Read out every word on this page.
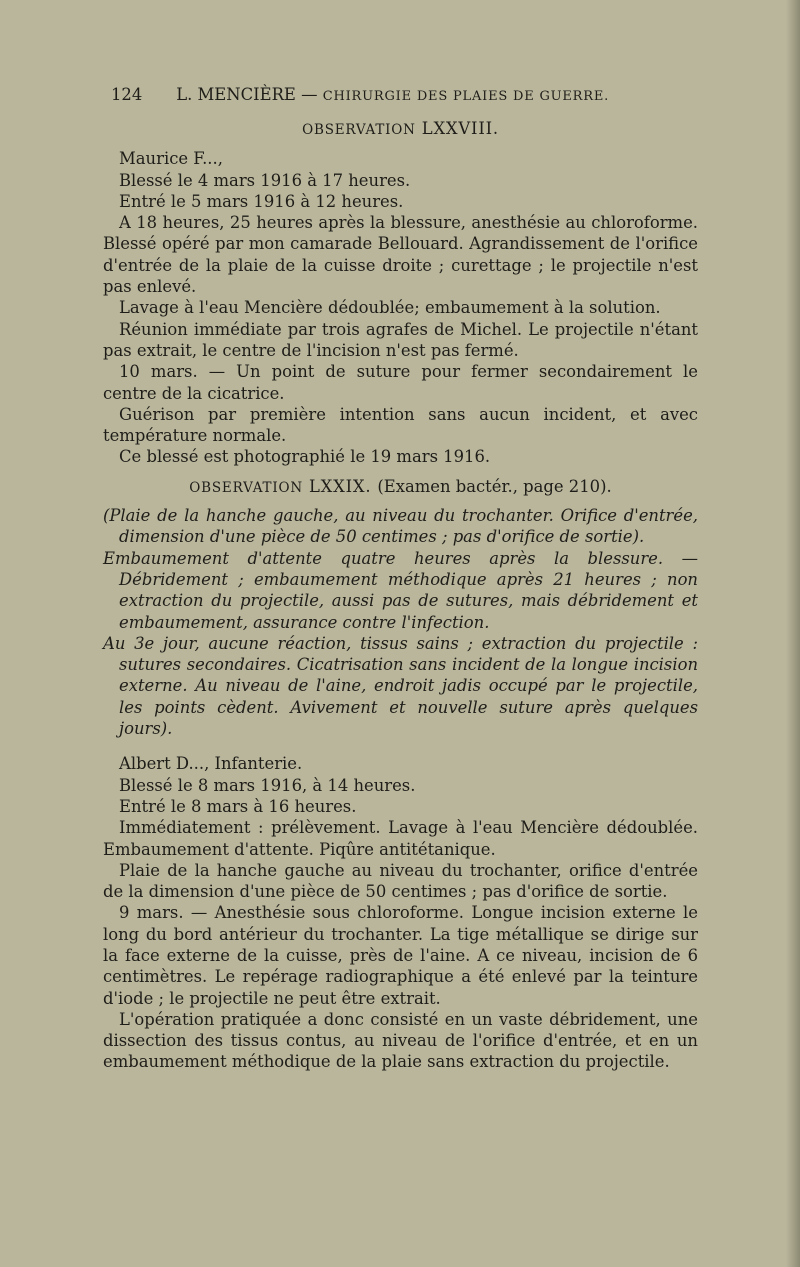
124 L. MENCIÈRE — CHIRURGIE DES PLAIES DE GUERRE.
OBSERVATION LXXVIII.

Maurice F...,

Blessé le 4 mars 1916 à 17 heures.

Entré le 5 mars 1916 à 12 heures.

A 18 heures, 25 heures après la blessure, anesthésie au chloroforme. Blessé opéré par mon camarade Bellouard. Agrandissement de l'orifice d'entrée de la plaie de la cuisse droite ; curettage ; le projectile n'est pas enlevé.

Lavage à l'eau Mencière dédoublée; embaumement à la solution.

Réunion immédiate par trois agrafes de Michel. Le projectile n'étant pas extrait, le centre de l'incision n'est pas fermé.

10 mars. — Un point de suture pour fermer secondairement le centre de la cicatrice.

Guérison par première intention sans aucun incident, et avec température normale.

Ce blessé est photographié le 19 mars 1916.

OBSERVATION LXXIX. (Examen bactér., page 210).

(Plaie de la hanche gauche, au niveau du trochanter. Orifice d'entrée, dimension d'une pièce de 50 centimes ; pas d'orifice de sortie).

Embaumement d'attente quatre heures après la blessure. — Débridement ; embaumement méthodique après 21 heures ; non extraction du projectile, aussi pas de sutures, mais débridement et embaumement, assurance contre l'infection.

Au 3e jour, aucune réaction, tissus sains ; extraction du projectile : sutures secondaires. Cicatrisation sans incident de la longue incision externe. Au niveau de l'aine, endroit jadis occupé par le projectile, les points cèdent. Avivement et nouvelle suture après quelques jours).

Albert D..., Infanterie.

Blessé le 8 mars 1916, à 14 heures.

Entré le 8 mars à 16 heures.

Immédiatement : prélèvement. Lavage à l'eau Mencière dédoublée. Embaumement d'attente. Piqûre antitétanique.

Plaie de la hanche gauche au niveau du trochanter, orifice d'entrée de la dimension d'une pièce de 50 centimes ; pas d'orifice de sortie.

9 mars. — Anesthésie sous chloroforme. Longue incision externe le long du bord antérieur du trochanter. La tige métallique se dirige sur la face externe de la cuisse, près de l'aine. A ce niveau, incision de 6 centimètres. Le repérage radiographique a été enlevé par la teinture d'iode ; le projectile ne peut être extrait.

L'opération pratiquée a donc consisté en un vaste débridement, une dissection des tissus contus, au niveau de l'orifice d'entrée, et en un embaumement méthodique de la plaie sans extraction du projectile.
